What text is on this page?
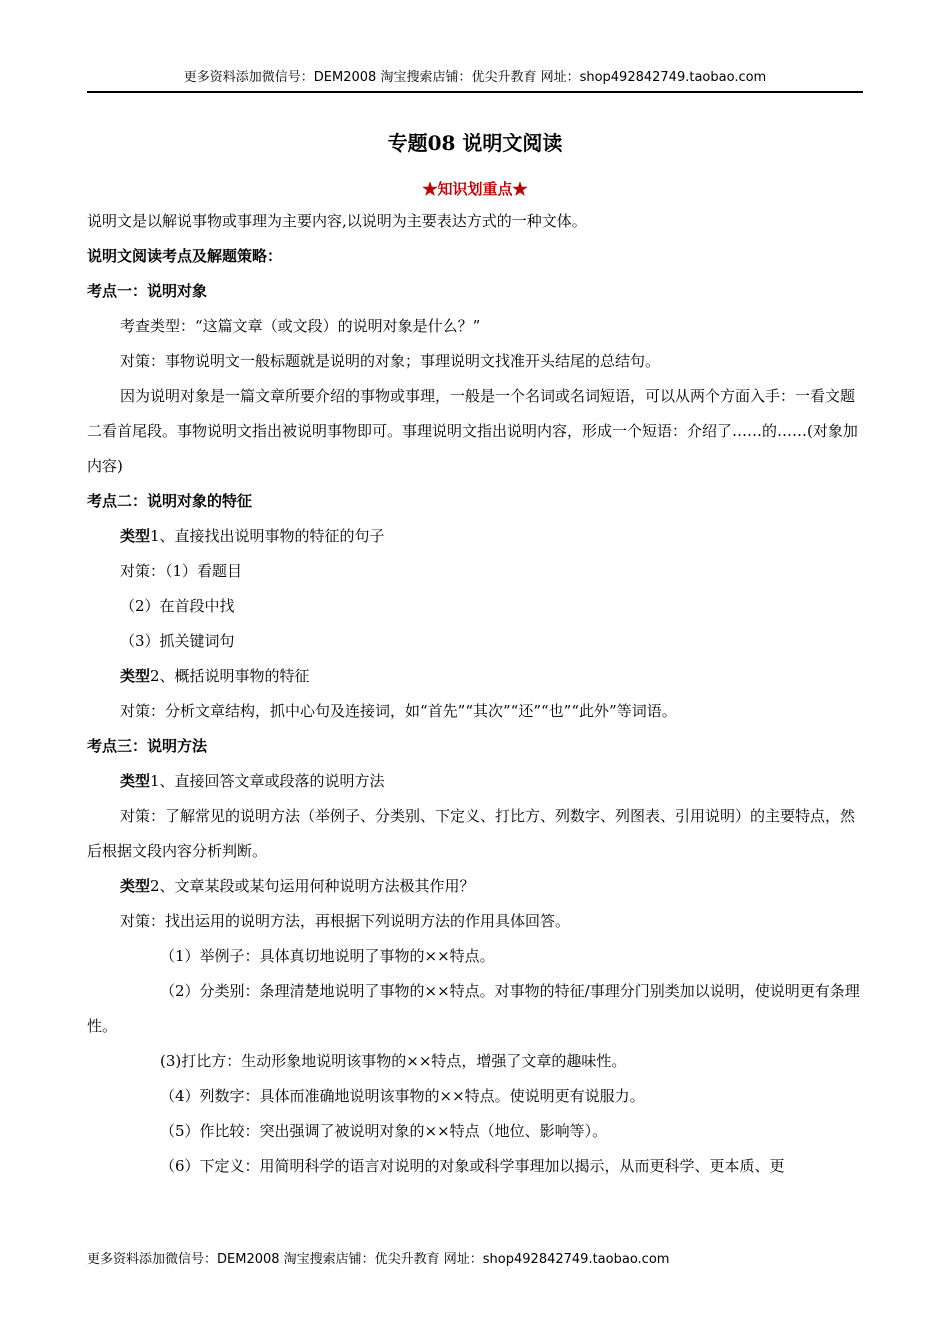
更多资料添加微信号：DEM2008 淘宝搜索店铺：优尖升教育 网址：shop492842749.taobao.com
专题08 说明文阅读
★知识划重点★

说明文是以解说事物或事理为主要内容,以说明为主要表达方式的一种文体。

说明文阅读考点及解题策略：

考点一：说明对象

考查类型：“这篇文章（或文段）的说明对象是什么？”

对策：事物说明文一般标题就是说明的对象；事理说明文找准开头结尾的总结句。

因为说明对象是一篇文章所要介绍的事物或事理，一般是一个名词或名词短语，可以从两个方面入手：一看文题二看首尾段。事物说明文指出被说明事物即可。事理说明文指出说明内容，形成一个短语：介绍了……的……(对象加内容)

考点二：说明对象的特征

类型1、直接找出说明事物的特征的句子

对策：（1）看题目

（2）在首段中找

（3）抓关键词句

类型2、概括说明事物的特征

对策：分析文章结构，抓中心句及连接词，如“首先”“其次”“还”“也”“此外”等词语。

考点三：说明方法

类型1、直接回答文章或段落的说明方法

对策：了解常见的说明方法（举例子、分类别、下定义、打比方、列数字、列图表、引用说明）的主要特点，然后根据文段内容分析判断。

类型2、文章某段或某句运用何种说明方法极其作用？

对策：找出运用的说明方法，再根据下列说明方法的作用具体回答。

（1）举例子：具体真切地说明了事物的××特点。

（2）分类别：条理清楚地说明了事物的××特点。对事物的特征/事理分门别类加以说明，使说明更有条理性。

(3)打比方：生动形象地说明该事物的××特点，增强了文章的趣味性。

（4）列数字：具体而准确地说明该事物的××特点。使说明更有说服力。

（5）作比较：突出强调了被说明对象的××特点（地位、影响等）。

（6）下定义：用简明科学的语言对说明的对象或科学事理加以揭示，从而更科学、更本质、更

更多资料添加微信号：DEM2008 淘宝搜索店铺：优尖升教育 网址：shop492842749.taobao.com
